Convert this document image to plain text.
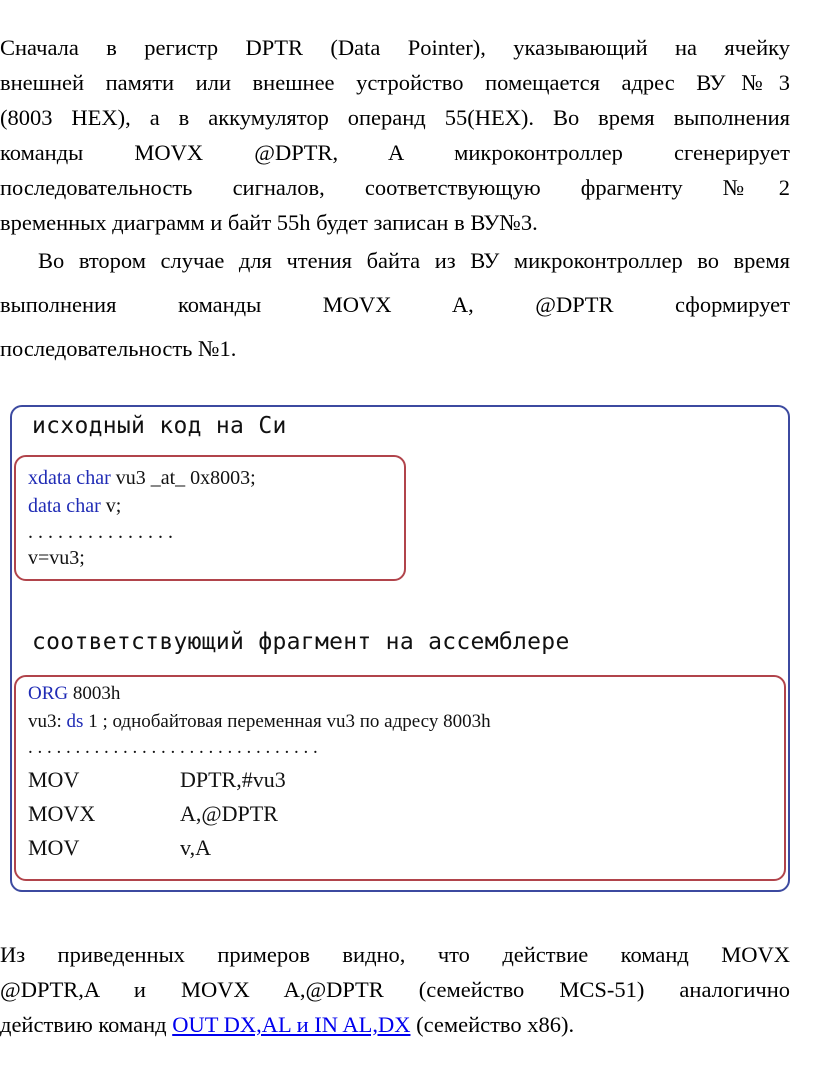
Сначала в регистр DPTR (Data Pointer), указывающий на ячейку
внешней памяти или внешнее устройство помещается адрес ВУ№3
(8003 HEX), а в аккумулятор операнд 55(HEX). Во время выполнения
команды MOVX @DPTR, A микроконтроллер сгенерирует
последовательность сигналов, соответствующую фрагменту №2
временных диаграмм и байт 55h будет записан в ВУ№3.
Во втором случае для чтения байта из ВУ микроконтроллер во время
выполнения команды MOVX A, @DPTR сформирует
последовательность №1.
исходный код на Си
xdata char vu3 _at_ 0x8003;
data char v;
. . . . . . . . . . . . . . .
v=vu3;
соответствующий фрагмент на ассемблере
ORG 8003h
vu3: ds 1 ; однобайтовая переменная vu3 по адресу 8003h
. . . . . . . . . . . . . . . . . . . . . . . . . . . . . . .
MOV	DPTR,#vu3
MOVX	A,@DPTR
MOV	v,A
Из приведенных примеров видно, что действие команд MOVX
@DPTR,A и MOVX A,@DPTR (семейство MCS-51) аналогично
действию команд OUT DX,AL и IN AL,DX (семейство x86).
